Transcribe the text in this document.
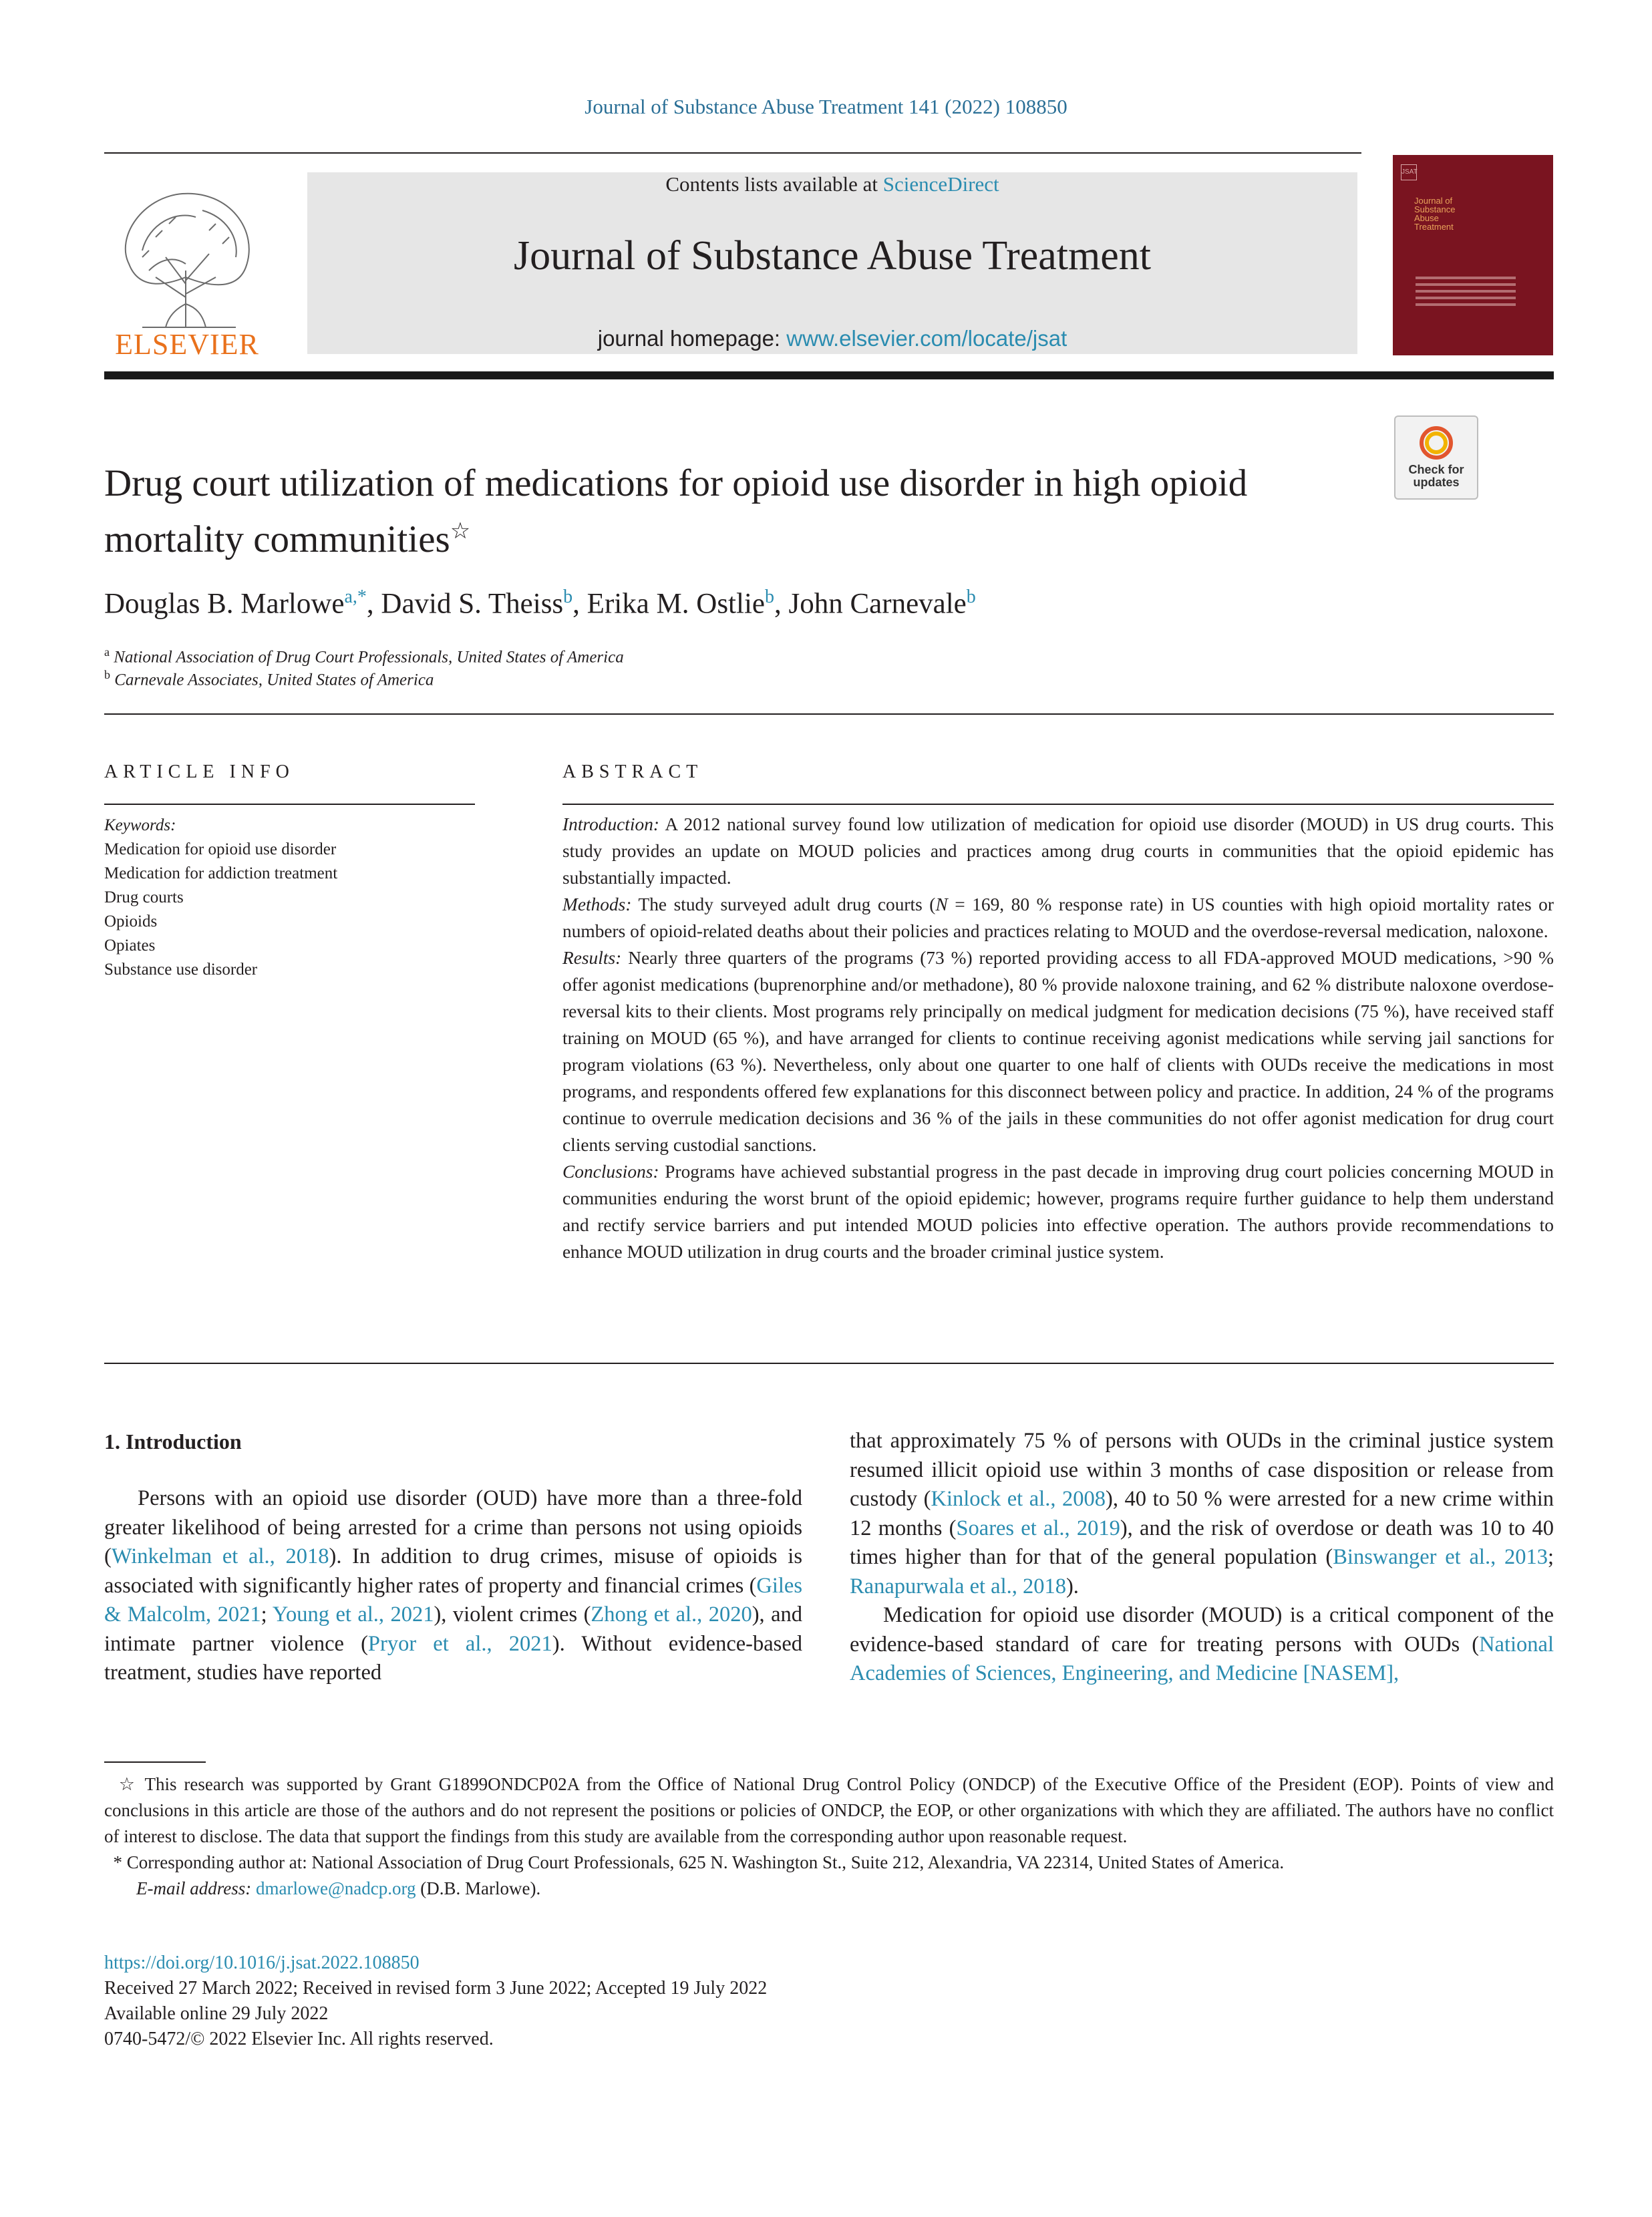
Journal of Substance Abuse Treatment 141 (2022) 108850
ELSEVIER
Contents lists available at ScienceDirect
Journal of Substance Abuse Treatment
journal homepage: www.elsevier.com/locate/jsat
JSAT
Journal of Substance Abuse Treatment
Drug court utilization of medications for opioid use disorder in high opioid
mortality communities☆
Check for updates
Douglas B. Marlowe$^{a,*}$, David S. Theiss$^b$, Erika M. Ostlie$^b$, John Carnevale$^b$
$^a$ National Association of Drug Court Professionals, United States of America
$^b$ Carnevale Associates, United States of America
ARTICLE INFO
Keywords:
Medication for opioid use disorder
Medication for addiction treatment
Drug courts
Opioids
Opiates
Substance use disorder
ABSTRACT

Introduction: A 2012 national survey found low utilization of medication for opioid use disorder (MOUD) in US drug courts. This study provides an update on MOUD policies and practices among drug courts in communities that the opioid epidemic has substantially impacted.

Methods: The study surveyed adult drug courts (N = 169, 80 % response rate) in US counties with high opioid mortality rates or numbers of opioid-related deaths about their policies and practices relating to MOUD and the overdose-reversal medication, naloxone.

Results: Nearly three quarters of the programs (73 %) reported providing access to all FDA-approved MOUD medications, >90 % offer agonist medications (buprenorphine and/or methadone), 80 % provide naloxone training, and 62 % distribute naloxone overdose-reversal kits to their clients. Most programs rely principally on medical judgment for medication decisions (75 %), have received staff training on MOUD (65 %), and have arranged for clients to continue receiving agonist medications while serving jail sanctions for program violations (63 %). Nevertheless, only about one quarter to one half of clients with OUDs receive the medications in most programs, and respondents offered few explanations for this disconnect between policy and practice. In addition, 24 % of the programs continue to overrule medication decisions and 36 % of the jails in these communities do not offer agonist medication for drug court clients serving custodial sanctions.

Conclusions: Programs have achieved substantial progress in the past decade in improving drug court policies concerning MOUD in communities enduring the worst brunt of the opioid epidemic; however, programs require further guidance to help them understand and rectify service barriers and put intended MOUD policies into effective operation. The authors provide recommendations to enhance MOUD utilization in drug courts and the broader criminal justice system.

1. Introduction

Persons with an opioid use disorder (OUD) have more than a three-fold greater likelihood of being arrested for a crime than persons not using opioids (Winkelman et al., 2018). In addition to drug crimes, misuse of opioids is associated with significantly higher rates of property and financial crimes (Giles & Malcolm, 2021; Young et al., 2021), violent crimes (Zhong et al., 2020), and intimate partner violence (Pryor et al., 2021). Without evidence-based treatment, studies have reported

that approximately 75 % of persons with OUDs in the criminal justice system resumed illicit opioid use within 3 months of case disposition or release from custody (Kinlock et al., 2008), 40 to 50 % were arrested for a new crime within 12 months (Soares et al., 2019), and the risk of overdose or death was 10 to 40 times higher than for that of the general population (Binswanger et al., 2013; Ranapurwala et al., 2018).

Medication for opioid use disorder (MOUD) is a critical component of the evidence-based standard of care for treating persons with OUDs (National Academies of Sciences, Engineering, and Medicine [NASEM],

☆ This research was supported by Grant G1899ONDCP02A from the Office of National Drug Control Policy (ONDCP) of the Executive Office of the President (EOP). Points of view and conclusions in this article are those of the authors and do not represent the positions or policies of ONDCP, the EOP, or other organizations with which they are affiliated. The authors have no conflict of interest to disclose. The data that support the findings from this study are available from the corresponding author upon reasonable request.

* Corresponding author at: National Association of Drug Court Professionals, 625 N. Washington St., Suite 212, Alexandria, VA 22314, United States of America.

E-mail address: dmarlowe@nadcp.org (D.B. Marlowe).

https://doi.org/10.1016/j.jsat.2022.108850
Received 27 March 2022; Received in revised form 3 June 2022; Accepted 19 July 2022
Available online 29 July 2022
0740-5472/© 2022 Elsevier Inc. All rights reserved.
